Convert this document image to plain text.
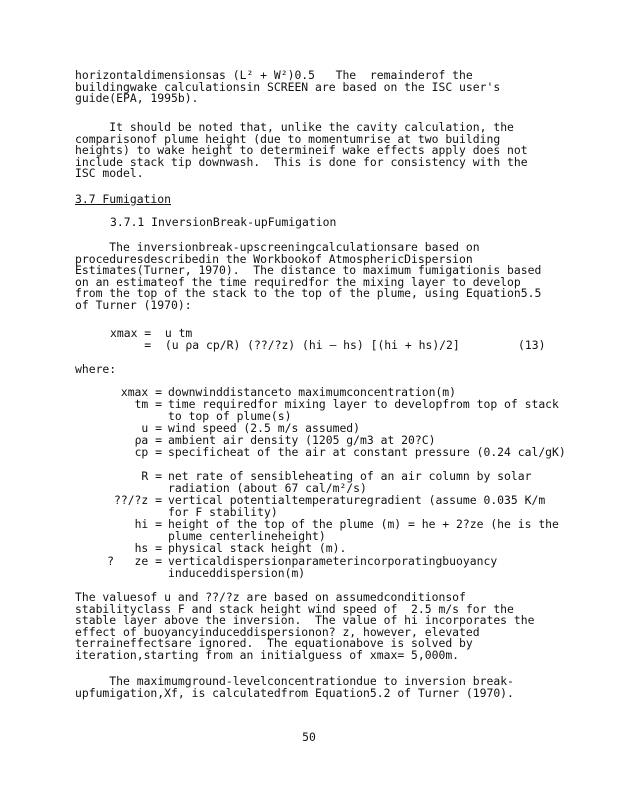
horizontaldimensionsas (L² + W²)0.5   The  remainderof the buildingwake calculationsin SCREEN are based on the ISC user's guide(EPA, 1995b).

It should be noted that, unlike the cavity calculation, the comparisonof plume height (due to momentumrise at two building heights) to wake height to determineif wake effects apply does not include stack tip downwash.  This is done for consistency with the ISC model.

3.7 Fumigation
3.7.1 InversionBreak-upFumigation

The inversionbreak-upscreeningcalculationsare based on proceduresdescribedin the Workbookof AtmosphericDispersion Estimates(Turner, 1970).  The distance to maximum fumigationis based on an estimateof the time requiredfor the mixing layer to develop from the top of the stack to the top of the plume, using Equation5.5 of Turner (1970):

xmax =  u tm
=  (u ρa cp/R) (??/?z) (hi – hs) [(hi + hs)/2]	(13)
where:
xmax = downwinddistanceto maximumconcentration(m)
tm = time requiredfor mixing layer to developfrom top of stack to top of plume(s)
u = wind speed (2.5 m/s assumed)
ρa = ambient air density (1205 g/m3 at 20?C)
cp = specificheat of the air at constant pressure (0.24 cal/gK)
R = net rate of sensibleheating of an air column by solar radiation (about 67 cal/m²/s)
??/?z = vertical potentialtemperaturegradient (assume 0.035 K/m for F stability)
hi = height of the top of the plume (m) = he + 2?ze (he is the plume centerlineheight)
hs = physical stack height (m).
?   ze = verticaldispersionparameterincorporatingbuoyancy induceddispersion(m)

The valuesof u and ??/?z are based on assumedconditionsof stabilityclass F and stack height wind speed of  2.5 m/s for the stable layer above the inversion.  The value of hi incorporates the effect of buoyancyinduceddispersionon? z, however, elevated terraineffectsare ignored.  The equationabove is solved by iteration,starting from an initialguess of xmax= 5,000m.

The maximumground-levelconcentrationdue to inversion break-upfumigation,Xf, is calculatedfrom Equation5.2 of Turner (1970).

50
